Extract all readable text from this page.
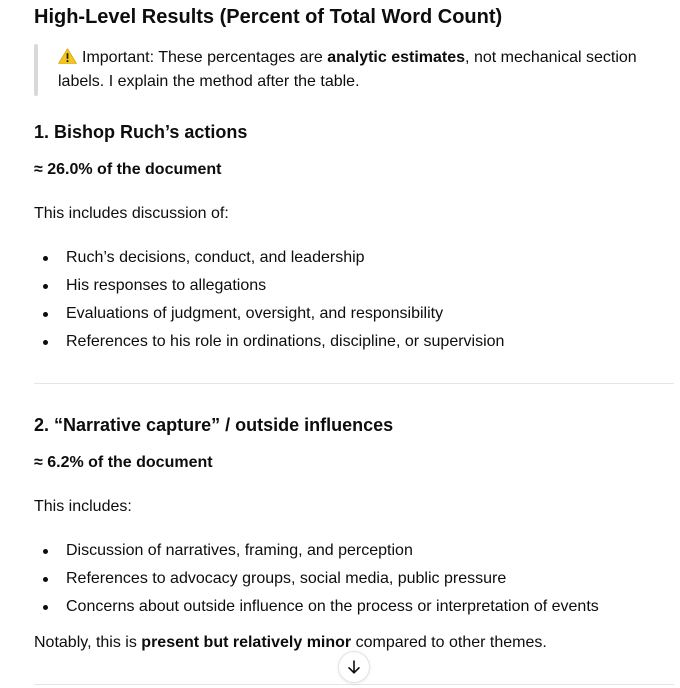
High-Level Results (Percent of Total Word Count)
Important: These percentages are analytic estimates, not mechanical section
labels. I explain the method after the table.
1. Bishop Ruch’s actions
≈ 26.0% of the document
This includes discussion of:
Ruch’s decisions, conduct, and leadership
His responses to allegations
Evaluations of judgment, oversight, and responsibility
References to his role in ordinations, discipline, or supervision
2. “Narrative capture” / outside influences
≈ 6.2% of the document
This includes:
Discussion of narratives, framing, and perception
References to advocacy groups, social media, public pressure
Concerns about outside influence on the process or interpretation of events
Notably, this is present but relatively minor compared to other themes.
